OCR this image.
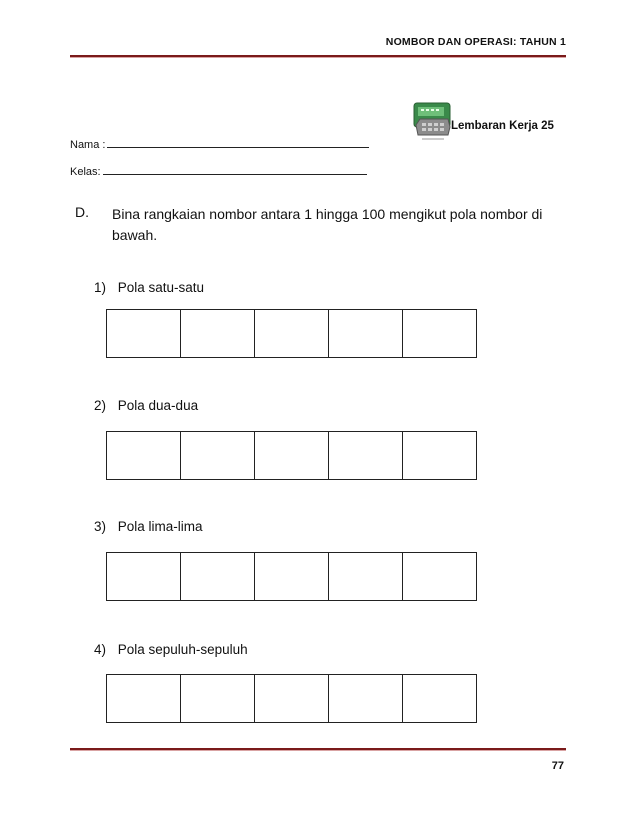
NOMBOR DAN OPERASI: TAHUN 1
Lembaran Kerja 25
Nama :
Kelas:
D. Bina rangkaian nombor antara 1 hingga 100 mengikut pola nombor di bawah.
1) Pola satu-satu
2) Pola dua-dua
3) Pola lima-lima
4) Pola sepuluh-sepuluh
77
